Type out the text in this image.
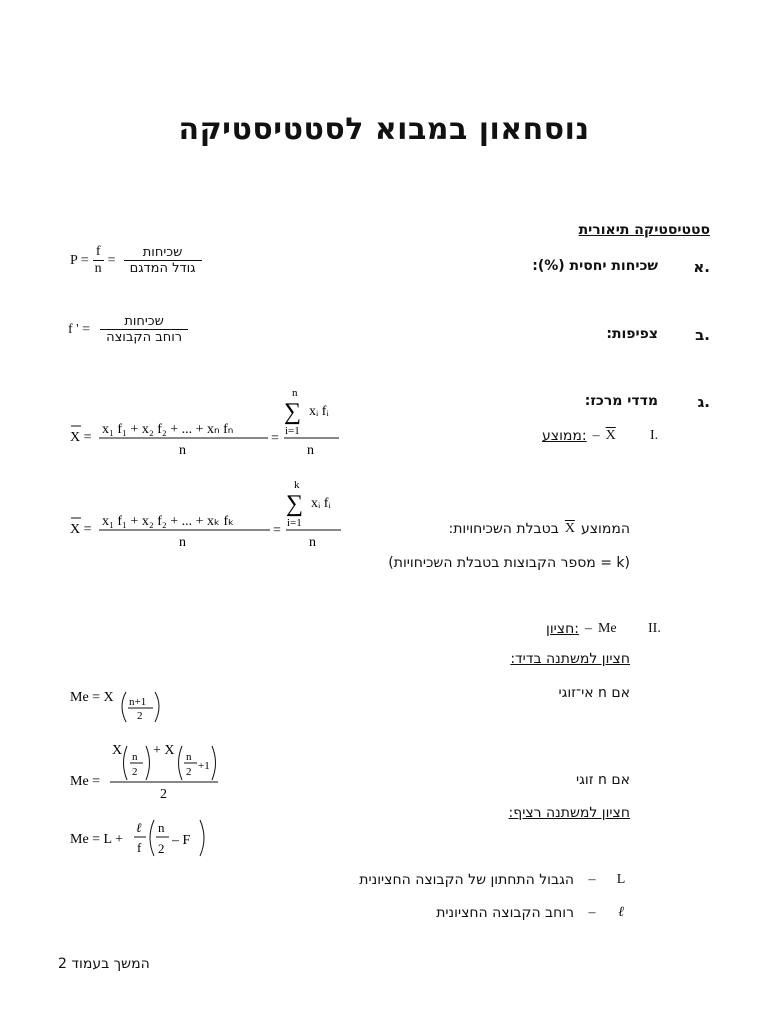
נוסחאון במבוא לסטטיסטיקה
סטטיסטיקה תיאורית
א.
שכיחות יחסית (%):
$P = \frac{f}{n} = \frac{\text{שכיחות}}{\text{גודל המדגם}}$
ב.
צפיפות:
f ' = $\frac{\text{שכיחות}}{\text{רוחב הקבוצה}}$
ג.
מדדי מרכז:
I.
ממוצע: – $\overline{X}$
X =
x₁ f₁ + x₂ f₂ + ... + xₙ fₙ
n
=
n
∑ xᵢ fᵢ
i=1
n
X =
x₁ f₁ + x₂ f₂ + ... + xₖ fₖ
n
=
k
∑ xᵢ fᵢ
i=1
n
הממוצע
X
בטבלת השכיחויות:
(k = מספר הקבוצות בטבלת השכיחויות)
II.
חציון: – Me
חציון למשתנה בדיד:
אם n אי־זוגי
Me = X n+1
2
Me =
X n
2
+ X n
2 +1
2
אם n זוגי
חציון למשתנה רציף:
Me = L +
ℓ
f
n
2
– F
L
–
הגבול התחתון של הקבוצה החציונית
ℓ
–
רוחב הקבוצה החציונית
המשך בעמוד 2
